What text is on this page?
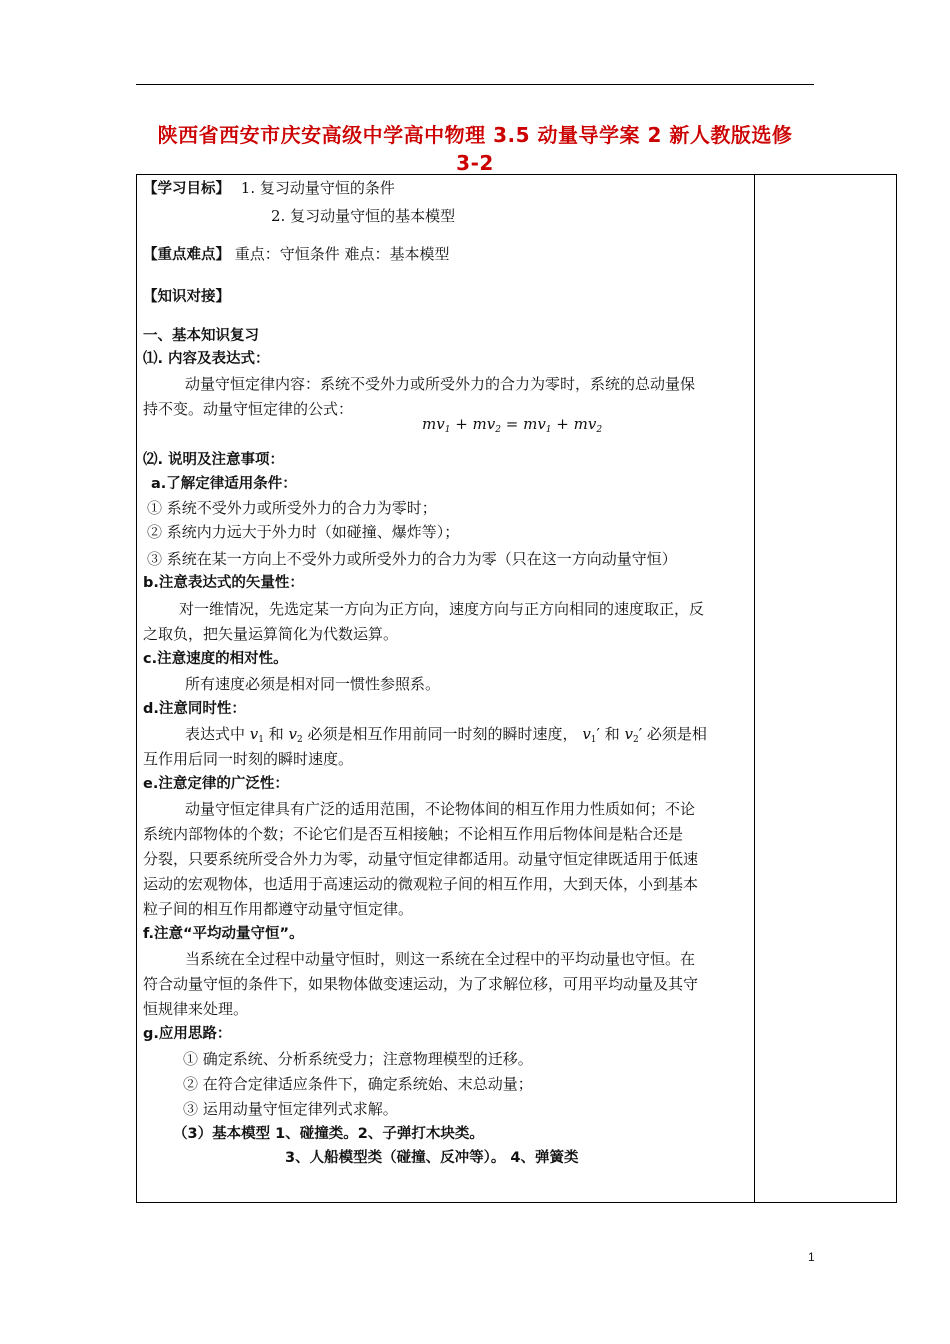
陕西省西安市庆安高级中学高中物理 3.5 动量导学案 2 新人教版选修
3-2
【学习目标】 1. 复习动量守恒的条件
2. 复习动量守恒的基本模型
【重点难点】 重点：守恒条件 难点：基本模型
【知识对接】
一、基本知识复习
⑴. 内容及表达式：
动量守恒定律内容：系统不受外力或所受外力的合力为零时，系统的总动量保
持不变。动量守恒定律的公式：
$mv_1 + mv_2 = mv_1 + mv_2$
⑵. 说明及注意事项：
a.了解定律适用条件：
① 系统不受外力或所受外力的合力为零时；
② 系统内力远大于外力时（如碰撞、爆炸等）；
③ 系统在某一方向上不受外力或所受外力的合力为零（只在这一方向动量守恒）
b.注意表达式的矢量性：
对一维情况，先选定某一方向为正方向，速度方向与正方向相同的速度取正，反
之取负，把矢量运算简化为代数运算。
c.注意速度的相对性。
所有速度必须是相对同一惯性参照系。
d.注意同时性：
表达式中 $v_1$ 和 $v_2$ 必须是相互作用前同一时刻的瞬时速度， $v_1'$ 和 $v_2'$ 必须是相
互作用后同一时刻的瞬时速度。
e.注意定律的广泛性：
动量守恒定律具有广泛的适用范围，不论物体间的相互作用力性质如何；不论
系统内部物体的个数；不论它们是否互相接触；不论相互作用后物体间是粘合还是
分裂，只要系统所受合外力为零，动量守恒定律都适用。动量守恒定律既适用于低速
运动的宏观物体，也适用于高速运动的微观粒子间的相互作用，大到天体，小到基本
粒子间的相互作用都遵守动量守恒定律。
f.注意“平均动量守恒”。
当系统在全过程中动量守恒时，则这一系统在全过程中的平均动量也守恒。在
符合动量守恒的条件下，如果物体做变速运动，为了求解位移，可用平均动量及其守
恒规律来处理。
g.应用思路：
① 确定系统、分析系统受力；注意物理模型的迁移。
② 在符合定律适应条件下，确定系统始、末总动量；
③ 运用动量守恒定律列式求解。
（3）基本模型 1、碰撞类。2、子弹打木块类。
3、人船模型类（碰撞、反冲等）。 4、弹簧类
1
